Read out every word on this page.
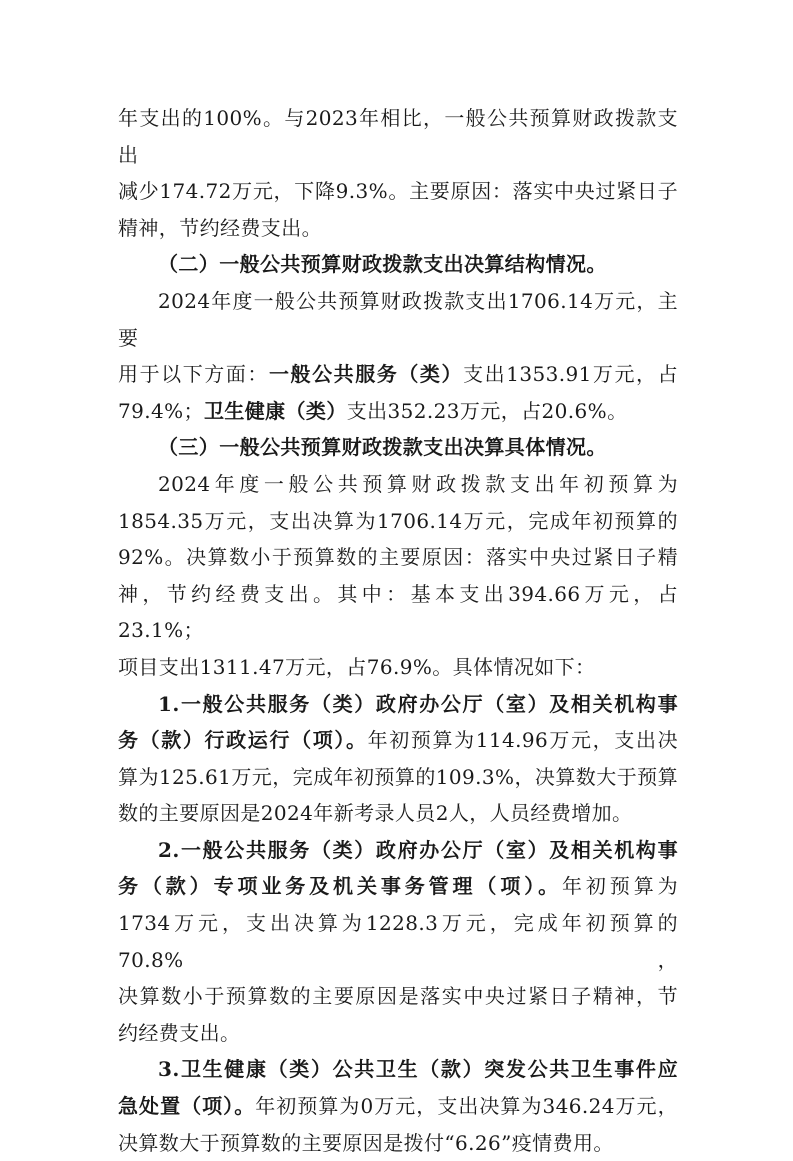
年支出的100%。与2023年相比，一般公共预算财政拨款支出
减少174.72万元，下降9.3%。主要原因：落实中央过紧日子
精神，节约经费支出。
（二）一般公共预算财政拨款支出决算结构情况。
2024年度一般公共预算财政拨款支出1706.14万元，主要
用于以下方面：一般公共服务（类）支出1353.91万元，占
79.4%；卫生健康（类）支出352.23万元，占20.6%。
（三）一般公共预算财政拨款支出决算具体情况。
2024年度一般公共预算财政拨款支出年初预算为
1854.35万元，支出决算为1706.14万元，完成年初预算的
92%。决算数小于预算数的主要原因：落实中央过紧日子精
神，节约经费支出。其中：基本支出394.66万元，占23.1%；
项目支出1311.47万元，占76.9%。具体情况如下：
1.一般公共服务（类）政府办公厅（室）及相关机构事
务（款）行政运行（项）。年初预算为114.96万元，支出决
算为125.61万元，完成年初预算的109.3%，决算数大于预算
数的主要原因是2024年新考录人员2人，人员经费增加。
2.一般公共服务（类）政府办公厅（室）及相关机构事
务（款）专项业务及机关事务管理（项）。年初预算为
1734万元，支出决算为1228.3万元，完成年初预算的70.8%，
决算数小于预算数的主要原因是落实中央过紧日子精神，节
约经费支出。
3.卫生健康（类）公共卫生（款）突发公共卫生事件应
急处置（项）。年初预算为0万元，支出决算为346.24万元，
决算数大于预算数的主要原因是拨付“6.26”疫情费用。
